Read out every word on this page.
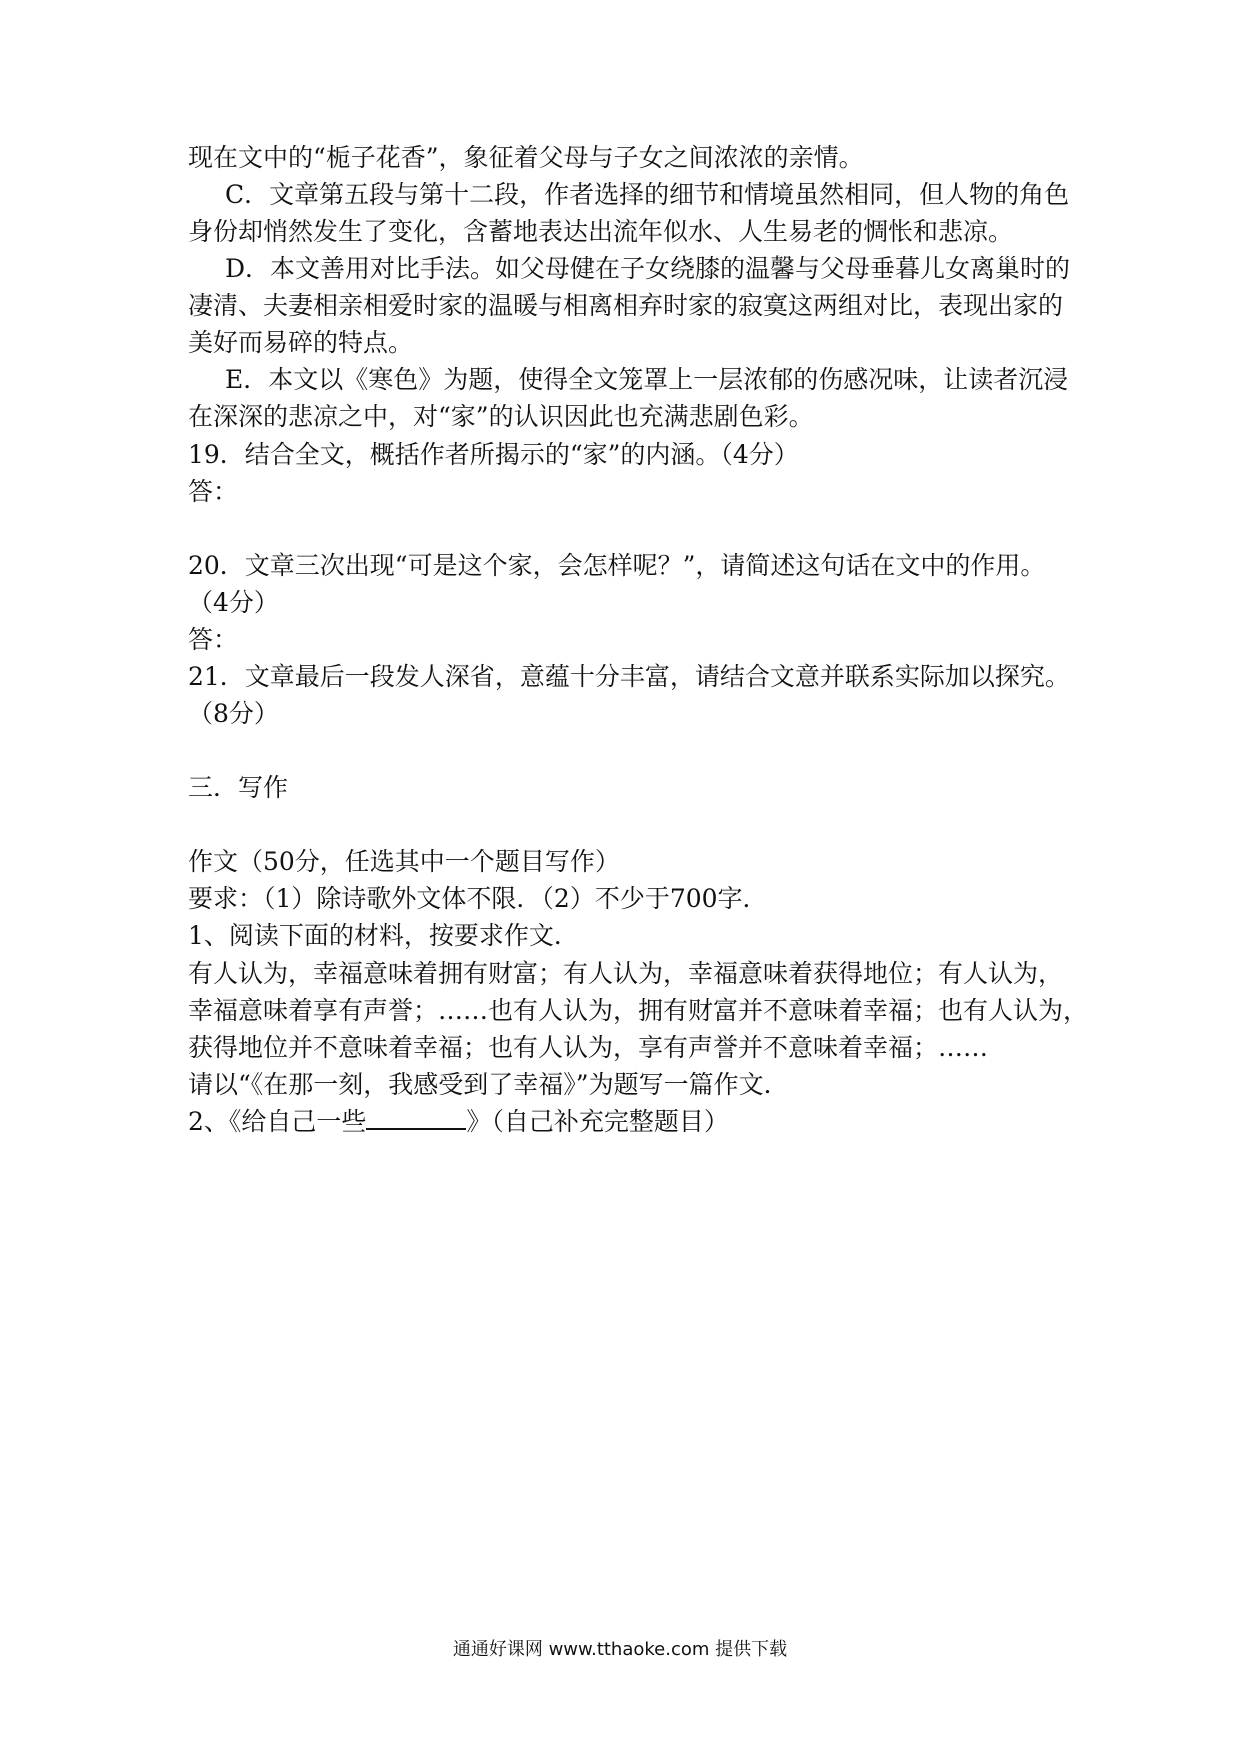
现在文中的“栀子花香”，象征着父母与子女之间浓浓的亲情。
C．文章第五段与第十二段，作者选择的细节和情境虽然相同，但人物的角色
身份却悄然发生了变化，含蓄地表达出流年似水、人生易老的惆怅和悲凉。
D．本文善用对比手法。如父母健在子女绕膝的温馨与父母垂暮儿女离巢时的
凄清、夫妻相亲相爱时家的温暖与相离相弃时家的寂寞这两组对比，表现出家的
美好而易碎的特点。
E．本文以《寒色》为题，使得全文笼罩上一层浓郁的伤感况味，让读者沉浸
在深深的悲凉之中，对“家”的认识因此也充满悲剧色彩。
19．结合全文，概括作者所揭示的“家”的内涵。（4分）
答：
20．文章三次出现“可是这个家，会怎样呢？”，请简述这句话在文中的作用。
（4分）
答：
21．文章最后一段发人深省，意蕴十分丰富，请结合文意并联系实际加以探究。
（8分）
三．写作
作文（50分，任选其中一个题目写作）
要求：（1）除诗歌外文体不限．（2）不少于700字．
1、阅读下面的材料，按要求作文．
有人认为，幸福意味着拥有财富；有人认为，幸福意味着获得地位；有人认为，
幸福意味着享有声誉；……也有人认为，拥有财富并不意味着幸福；也有人认为，
获得地位并不意味着幸福；也有人认为，享有声誉并不意味着幸福；……
请以“《在那一刻，我感受到了幸福》”为题写一篇作文．
2、《给自己一些	》（自己补充完整题目）
通通好课网 www.tthaoke.com 提供下载
